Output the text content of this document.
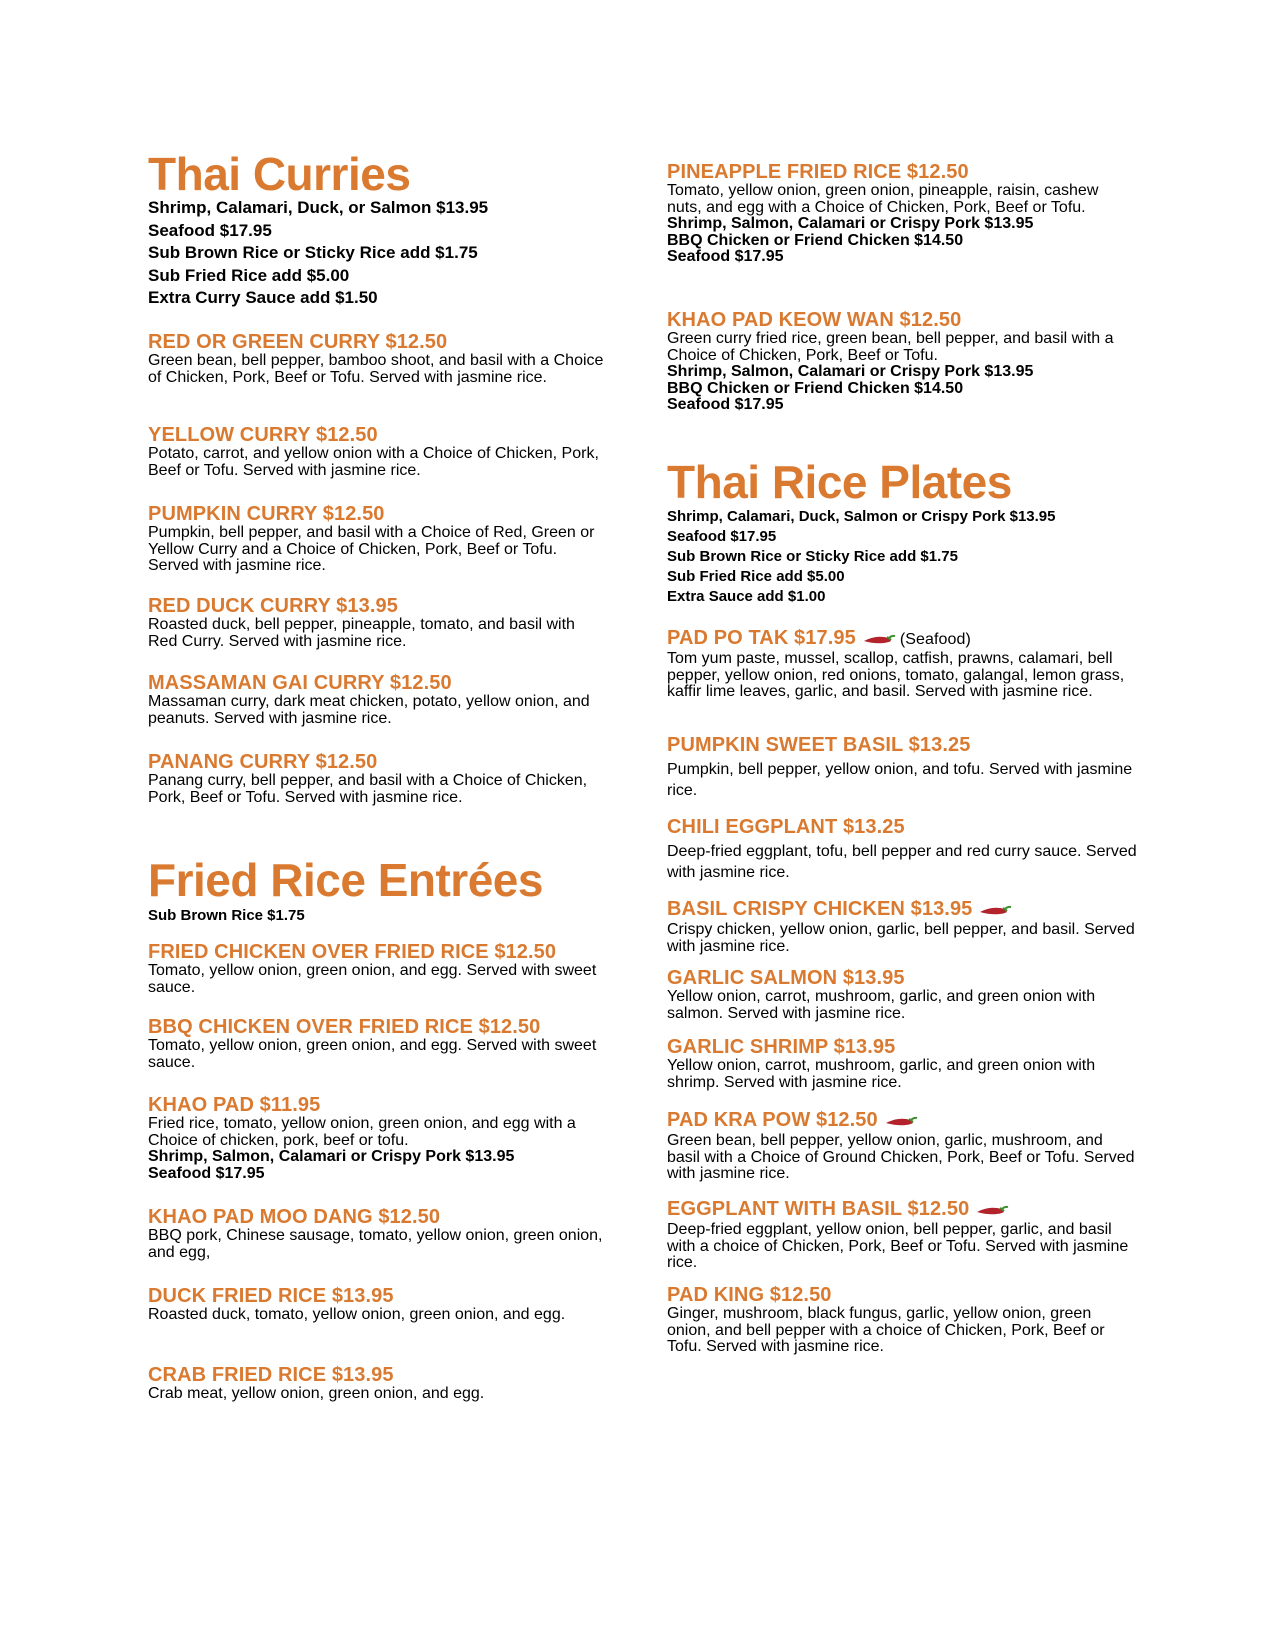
Thai Curries
Shrimp, Calamari, Duck, or Salmon $13.95
Seafood $17.95
Sub Brown Rice or Sticky Rice add $1.75
Sub Fried Rice add $5.00
Extra Curry Sauce add $1.50
RED OR GREEN CURRY $12.50
Green bean, bell pepper, bamboo shoot, and basil with a Choice of Chicken, Pork, Beef or Tofu. Served with jasmine rice.
YELLOW CURRY $12.50
Potato, carrot, and yellow onion with a Choice of Chicken, Pork, Beef or Tofu. Served with jasmine rice.
PUMPKIN CURRY $12.50
Pumpkin, bell pepper, and basil with a Choice of Red, Green or Yellow Curry and a Choice of Chicken, Pork, Beef or Tofu. Served with jasmine rice.
RED DUCK CURRY $13.95
Roasted duck, bell pepper, pineapple, tomato, and basil with Red Curry. Served with jasmine rice.
MASSAMAN GAI CURRY $12.50
Massaman curry, dark meat chicken, potato, yellow onion, and peanuts. Served with jasmine rice.
PANANG CURRY $12.50
Panang curry, bell pepper, and basil with a Choice of Chicken, Pork, Beef or Tofu. Served with jasmine rice.
Fried Rice Entrées
Sub Brown Rice $1.75
FRIED CHICKEN OVER FRIED RICE $12.50
Tomato, yellow onion, green onion, and egg. Served with sweet sauce.
BBQ CHICKEN OVER FRIED RICE $12.50
Tomato, yellow onion, green onion, and egg. Served with sweet sauce.
KHAO PAD $11.95
Fried rice, tomato, yellow onion, green onion, and egg with a Choice of chicken, pork, beef or tofu.
Shrimp, Salmon, Calamari or Crispy Pork $13.95
Seafood $17.95
KHAO PAD MOO DANG $12.50
BBQ pork, Chinese sausage, tomato, yellow onion, green onion, and egg,
DUCK FRIED RICE $13.95
Roasted duck, tomato, yellow onion, green onion, and egg.
CRAB FRIED RICE $13.95
Crab meat, yellow onion, green onion, and egg.
PINEAPPLE FRIED RICE $12.50
Tomato, yellow onion, green onion, pineapple, raisin, cashew nuts, and egg with a Choice of Chicken, Pork, Beef or Tofu.
Shrimp, Salmon, Calamari or Crispy Pork $13.95
BBQ Chicken or Friend Chicken $14.50
Seafood $17.95
KHAO PAD KEOW WAN $12.50
Green curry fried rice, green bean, bell pepper, and basil with a Choice of Chicken, Pork, Beef or Tofu.
Shrimp, Salmon, Calamari or Crispy Pork $13.95
BBQ Chicken or Friend Chicken $14.50
Seafood $17.95
Thai Rice Plates
Shrimp, Calamari, Duck, Salmon or Crispy Pork $13.95
Seafood $17.95
Sub Brown Rice or Sticky Rice add $1.75
Sub Fried Rice add $5.00
Extra Sauce add $1.00
PAD PO TAK $17.95	(Seafood)
Tom yum paste, mussel, scallop, catfish, prawns, calamari, bell pepper, yellow onion, red onions, tomato, galangal, lemon grass, kaffir lime leaves, garlic, and basil. Served with jasmine rice.
PUMPKIN SWEET BASIL $13.25
Pumpkin, bell pepper, yellow onion, and tofu. Served with jasmine rice.
CHILI EGGPLANT $13.25
Deep-fried eggplant, tofu, bell pepper and red curry sauce. Served with jasmine rice.
BASIL CRISPY CHICKEN $13.95
Crispy chicken, yellow onion, garlic, bell pepper, and basil. Served with jasmine rice.
GARLIC SALMON $13.95
Yellow onion, carrot, mushroom, garlic, and green onion with salmon. Served with jasmine rice.
GARLIC SHRIMP $13.95
Yellow onion, carrot, mushroom, garlic, and green onion with shrimp. Served with jasmine rice.
PAD KRA POW $12.50
Green bean, bell pepper, yellow onion, garlic, mushroom, and basil with a Choice of Ground Chicken, Pork, Beef or Tofu. Served with jasmine rice.
EGGPLANT WITH BASIL $12.50
Deep-fried eggplant, yellow onion, bell pepper, garlic, and basil with a choice of Chicken, Pork, Beef or Tofu. Served with jasmine rice.
PAD KING $12.50
Ginger, mushroom, black fungus, garlic, yellow onion, green onion, and bell pepper with a choice of Chicken, Pork, Beef or Tofu. Served with jasmine rice.
